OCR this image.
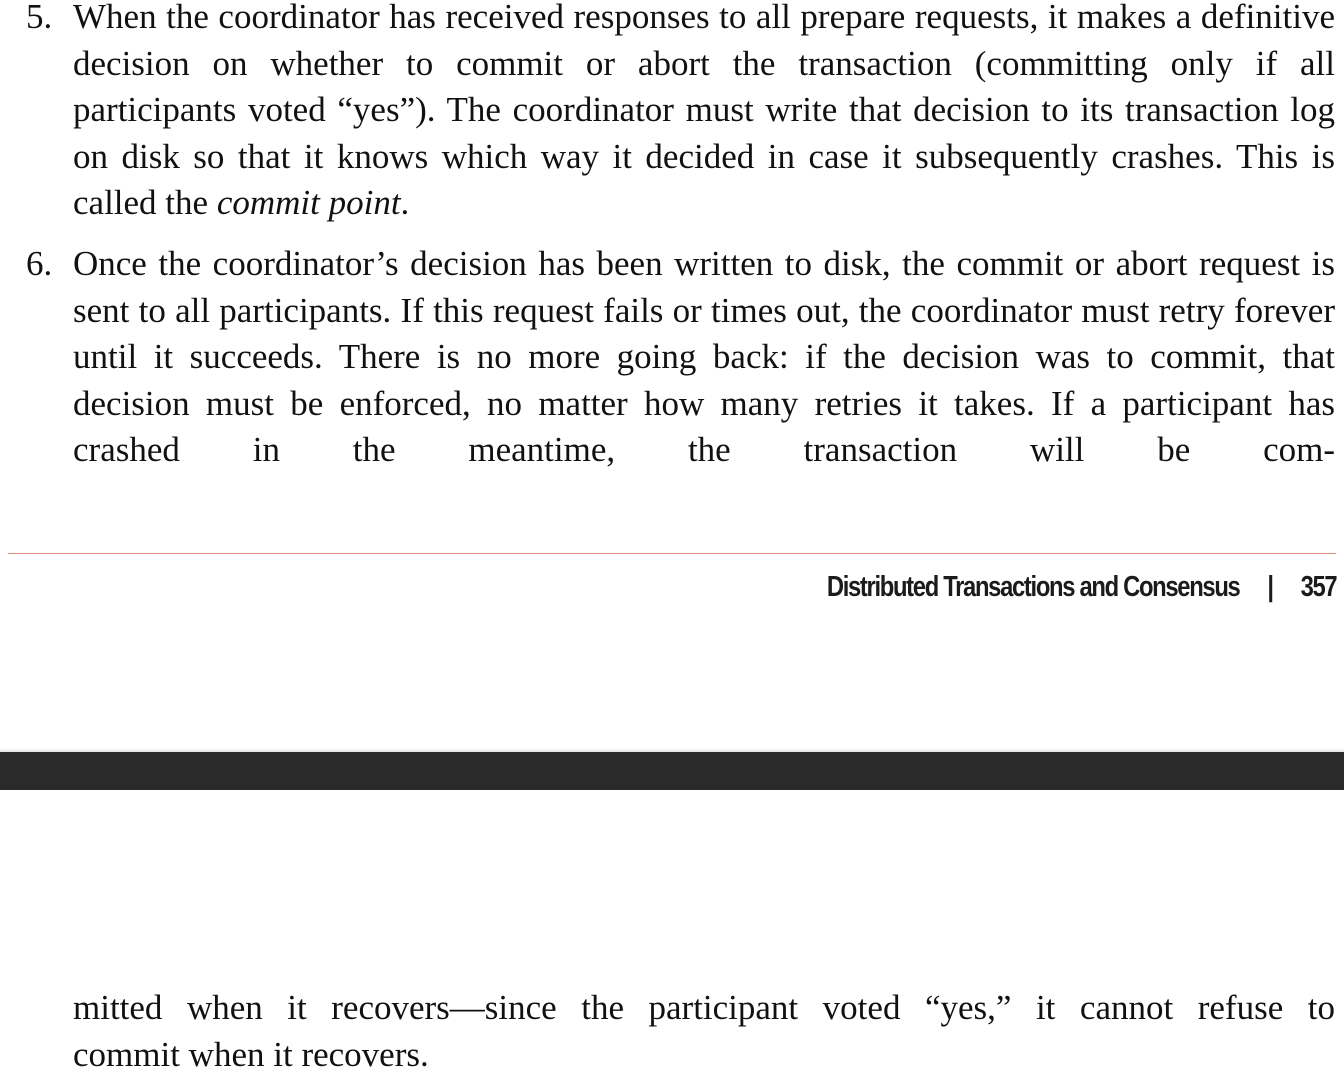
5. When the coordinator has received responses to all prepare requests, it makes a definitive decision on whether to commit or abort the transaction (committing only if all participants voted “yes”). The coordinator must write that decision to its transaction log on disk so that it knows which way it decided in case it subsequently crashes. This is called the commit point.
6. Once the coordinator’s decision has been written to disk, the commit or abort request is sent to all participants. If this request fails or times out, the coordinator must retry forever until it succeeds. There is no more going back: if the decision was to commit, that decision must be enforced, no matter how many retries it takes. If a participant has crashed in the meantime, the transaction will be com-
Distributed Transactions and Consensus | 357
mitted when it recovers—since the participant voted “yes,” it cannot refuse to
commit when it recovers.
